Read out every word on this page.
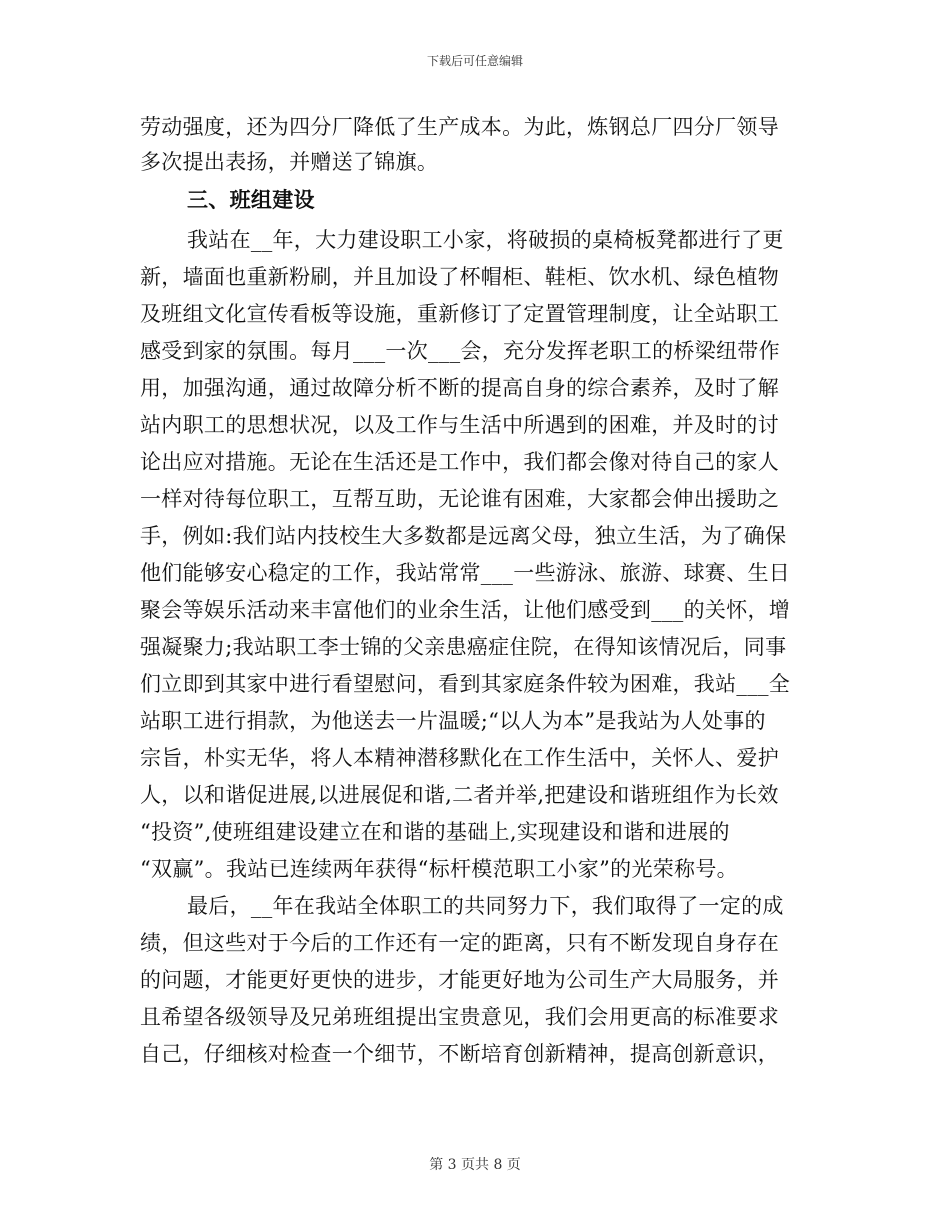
下载后可任意编辑
劳动强度，还为四分厂降低了生产成本。为此，炼钢总厂四分厂领导
多次提出表扬，并赠送了锦旗。
三、班组建设
我站在__年，大力建设职工小家，将破损的桌椅板凳都进行了更
新，墙面也重新粉刷，并且加设了杯帽柜、鞋柜、饮水机、绿色植物
及班组文化宣传看板等设施，重新修订了定置管理制度，让全站职工
感受到家的氛围。每月___一次___会，充分发挥老职工的桥梁纽带作
用，加强沟通，通过故障分析不断的提高自身的综合素养，及时了解
站内职工的思想状况，以及工作与生活中所遇到的困难，并及时的讨
论出应对措施。无论在生活还是工作中，我们都会像对待自己的家人
一样对待每位职工，互帮互助，无论谁有困难，大家都会伸出援助之
手，例如:我们站内技校生大多数都是远离父母，独立生活，为了确保
他们能够安心稳定的工作，我站常常___一些游泳、旅游、球赛、生日
聚会等娱乐活动来丰富他们的业余生活，让他们感受到___的关怀，增
强凝聚力;我站职工李士锦的父亲患癌症住院，在得知该情况后，同事
们立即到其家中进行看望慰问，看到其家庭条件较为困难，我站___全
站职工进行捐款，为他送去一片温暖;“以人为本”是我站为人处事的
宗旨，朴实无华，将人本精神潜移默化在工作生活中，关怀人、爱护
人，以和谐促进展,以进展促和谐,二者并举,把建设和谐班组作为长效
“投资”,使班组建设建立在和谐的基础上,实现建设和谐和进展的
“双赢”。我站已连续两年获得“标杆模范职工小家”的光荣称号。
最后，__年在我站全体职工的共同努力下，我们取得了一定的成
绩，但这些对于今后的工作还有一定的距离，只有不断发现自身存在
的问题，才能更好更快的进步，才能更好地为公司生产大局服务，并
且希望各级领导及兄弟班组提出宝贵意见，我们会用更高的标准要求
自己，仔细核对检查一个细节，不断培育创新精神，提高创新意识，
第 3 页共 8 页
